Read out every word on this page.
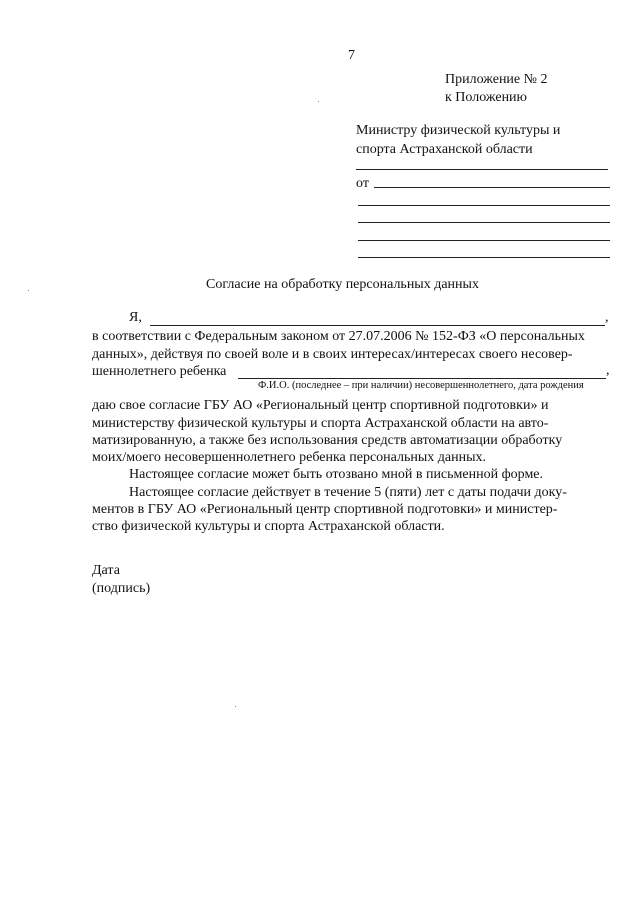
7
Приложение № 2
к Положению
Министру физической культуры и
спорта Астраханской области
от
Согласие на обработку персональных данных
Я,	,
в соответствии с Федеральным законом от 27.07.2006 № 152-ФЗ «О персональных
данных», действуя по своей воле и в своих интересах/интересах своего несовер-
шеннолетнего ребенка	,
Ф.И.О. (последнее – при наличии) несовершеннолетнего, дата рождения
даю свое согласие ГБУ АО «Региональный центр спортивной подготовки» и
министерству физической культуры и спорта Астраханской области на авто-
матизированную, а также без использования средств автоматизации обработку
моих/моего несовершеннолетнего ребенка персональных данных.
Настоящее согласие может быть отозвано мной в письменной форме.
Настоящее согласие действует в течение 5 (пяти) лет с даты подачи доку-
ментов в ГБУ АО «Региональный центр спортивной подготовки» и министер-
ство физической культуры и спорта Астраханской области.
Дата
(подпись)
